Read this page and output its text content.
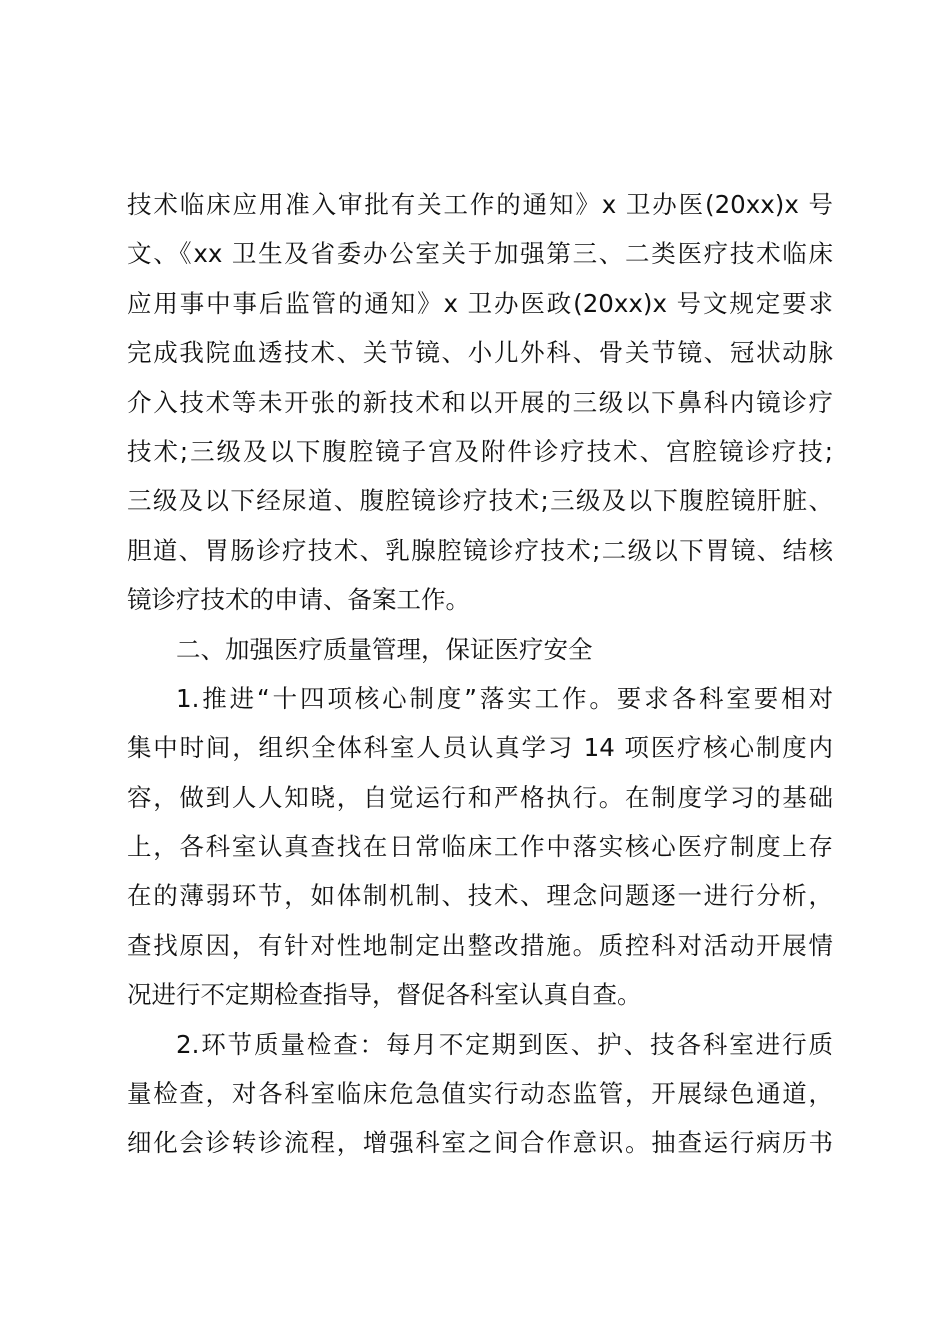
技术临床应用准入审批有关工作的通知》x 卫办医(20xx)x 号
文、《xx 卫生及省委办公室关于加强第三、二类医疗技术临床
应用事中事后监管的通知》x 卫办医政(20xx)x 号文规定要求
完成我院血透技术、关节镜、小儿外科、骨关节镜、冠状动脉
介入技术等未开张的新技术和以开展的三级以下鼻科内镜诊疗
技术;三级及以下腹腔镜子宫及附件诊疗技术、宫腔镜诊疗技;
三级及以下经尿道、腹腔镜诊疗技术;三级及以下腹腔镜肝脏、
胆道、胃肠诊疗技术、乳腺腔镜诊疗技术;二级以下胃镜、结核
镜诊疗技术的申请、备案工作。
二、加强医疗质量管理，保证医疗安全
1.推进“十四项核心制度”落实工作。要求各科室要相对
集中时间，组织全体科室人员认真学习 14 项医疗核心制度内
容，做到人人知晓，自觉运行和严格执行。在制度学习的基础
上，各科室认真查找在日常临床工作中落实核心医疗制度上存
在的薄弱环节，如体制机制、技术、理念问题逐一进行分析，
查找原因，有针对性地制定出整改措施。质控科对活动开展情
况进行不定期检查指导，督促各科室认真自查。
2.环节质量检查：每月不定期到医、护、技各科室进行质
量检查，对各科室临床危急值实行动态监管，开展绿色通道，
细化会诊转诊流程，增强科室之间合作意识。抽查运行病历书
